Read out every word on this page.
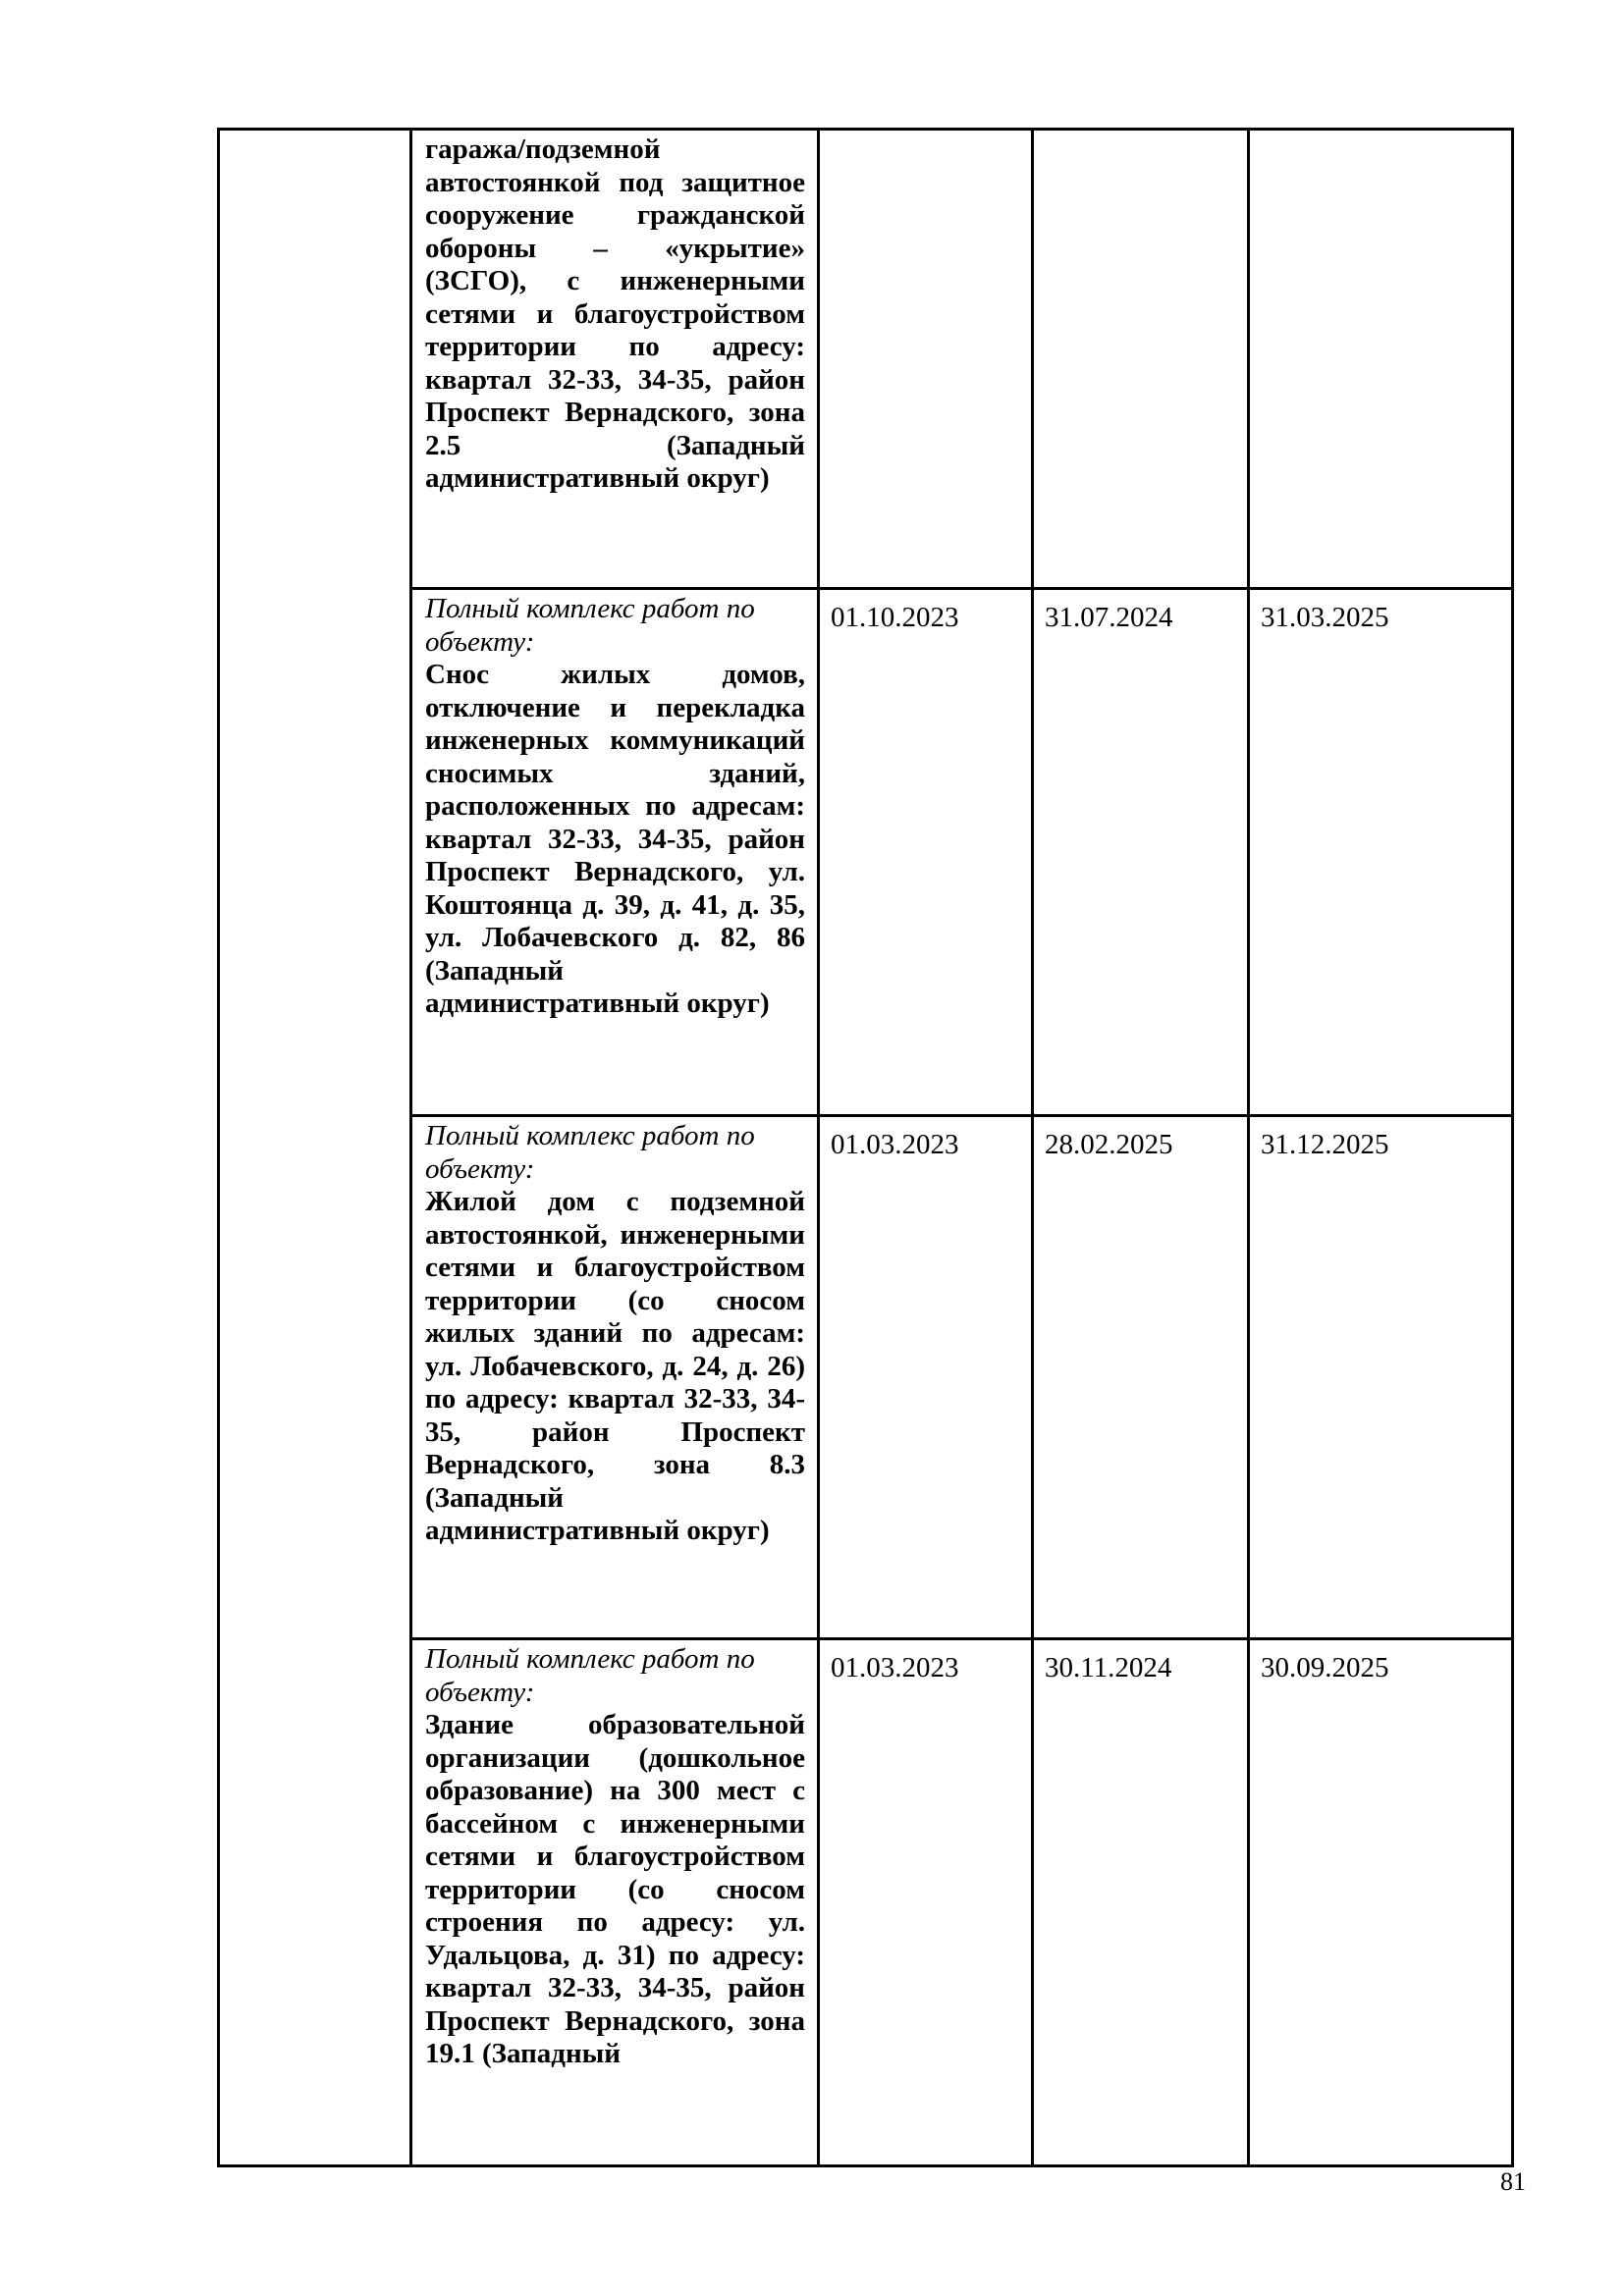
	гаража/подземной автостоянкой под защитное сооружение гражданской обороны – «укрытие» (ЗСГО), с инженерными сетями и благоустройством территории по адресу: квартал 32-33, 34-35, район Проспект Вернадского, зона 2.5 (Западный административный округ)			

	Полный комплекс работ по объекту:
Снос жилых домов, отключение и перекладка инженерных коммуникаций сносимых зданий, расположенных по адресам: квартал 32-33, 34-35, район Проспект Вернадского, ул. Коштоянца д. 39, д. 41, д. 35, ул. Лобачевского д. 82, 86 (Западный административный округ)	01.10.2023	31.07.2024	31.03.2025

	Полный комплекс работ по объекту:
Жилой дом с подземной автостоянкой, инженерными сетями и благоустройством территории (со сносом жилых зданий по адресам: ул. Лобачевского, д. 24, д. 26) по адресу: квартал 32-33, 34-35, район Проспект Вернадского, зона 8.3 (Западный административный округ)	01.03.2023	28.02.2025	31.12.2025

	Полный комплекс работ по объекту:
Здание образовательной организации (дошкольное образование) на 300 мест с бассейном с инженерными сетями и благоустройством территории (со сносом строения по адресу: ул. Удальцова, д. 31) по адресу: квартал 32-33, 34-35, район Проспект Вернадского, зона 19.1 (Западный	01.03.2023	30.11.2024	30.09.2025
81
